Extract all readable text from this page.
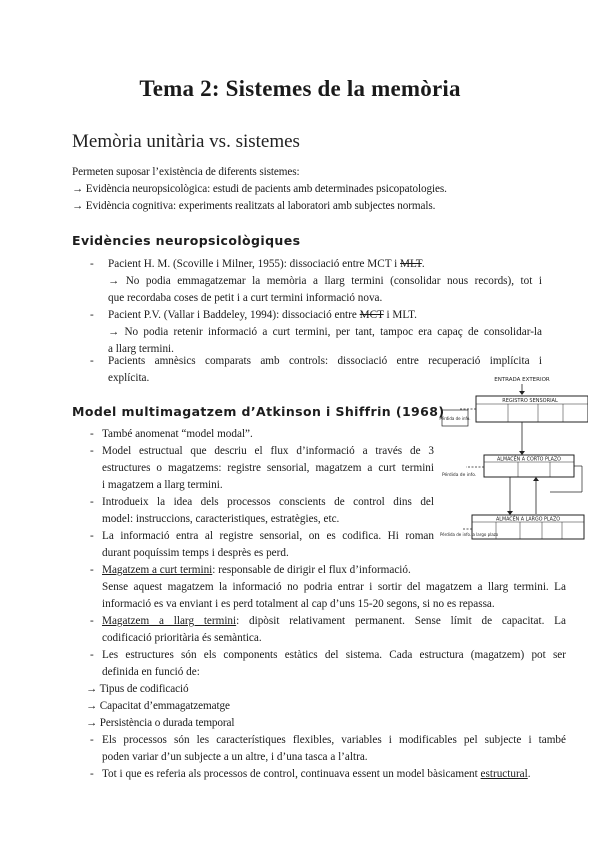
Tema 2: Sistemes de la memòria
Memòria unitària vs. sistemes
Permeten suposar l’existència de diferents sistemes:
→ Evidència neuropsicològica: estudi de pacients amb determinades psicopatologies.
→ Evidència cognitiva: experiments realitzats al laboratori amb subjectes normals.
Evidències neuropsicològiques
- Pacient H. M. (Scoville i Milner, 1955): dissociació entre MCT i MLT.
→ No podia emmagatzemar la memòria a llarg termini (consolidar nous records), tot i
que recordaba coses de petit i a curt termini informació nova.
- Pacient P.V. (Vallar i Baddeley, 1994): dissociació entre MCT i MLT.
→ No podia retenir informació a curt termini, per tant, tampoc era capaç de consolidar-la
a llarg termini.
- Pacients amnèsics comparats amb controls: dissociació entre recuperació implícita i
explícita.
Model multimagatzem d’Atkinson i Shiffrin (1968)
ENTRADA EXTERIOR
REGISTRO SENSORIAL
Pérdida de info.
ALMACÉN A CORTO PLAZO
Pérdida de info.
ALMACÉN A LARGO PLAZO
Pérdida de info. a largo plazo
- També anomenat “model modal”.
- Model estructual que descriu el flux d’informació a través de 3
estructures o magatzems: registre sensorial, magatzem a curt termini
i magatzem a llarg termini.
- Introdueix la idea dels processos conscients de control dins del
model: instruccions, caracteristiques, estratègies, etc.
- La informació entra al registre sensorial, on es codifica. Hi roman
durant poquíssim temps i desprès es perd.
- Magatzem a curt termini: responsable de dirigir el flux d’informació.
Sense aquest magatzem la informació no podria entrar i sortir del magatzem a llarg termini. La
informació es va enviant i es perd totalment al cap d’uns 15-20 segons, si no es repassa.
- Magatzem a llarg termini: dipòsit relativament permanent. Sense límit de capacitat. La
codificació prioritària és semàntica.
- Les estructures són els components estàtics del sistema. Cada estructura (magatzem) pot ser
definida en funció de:
→ Tipus de codificació
→ Capacitat d’emmagatzematge
→ Persistència o durada temporal
- Els processos són les característiques flexibles, variables i modificables pel subjecte i també
poden variar d’un subjecte a un altre, i d’una tasca a l’altra.
- Tot i que es referia als processos de control, continuava essent un model bàsicament estructural.
